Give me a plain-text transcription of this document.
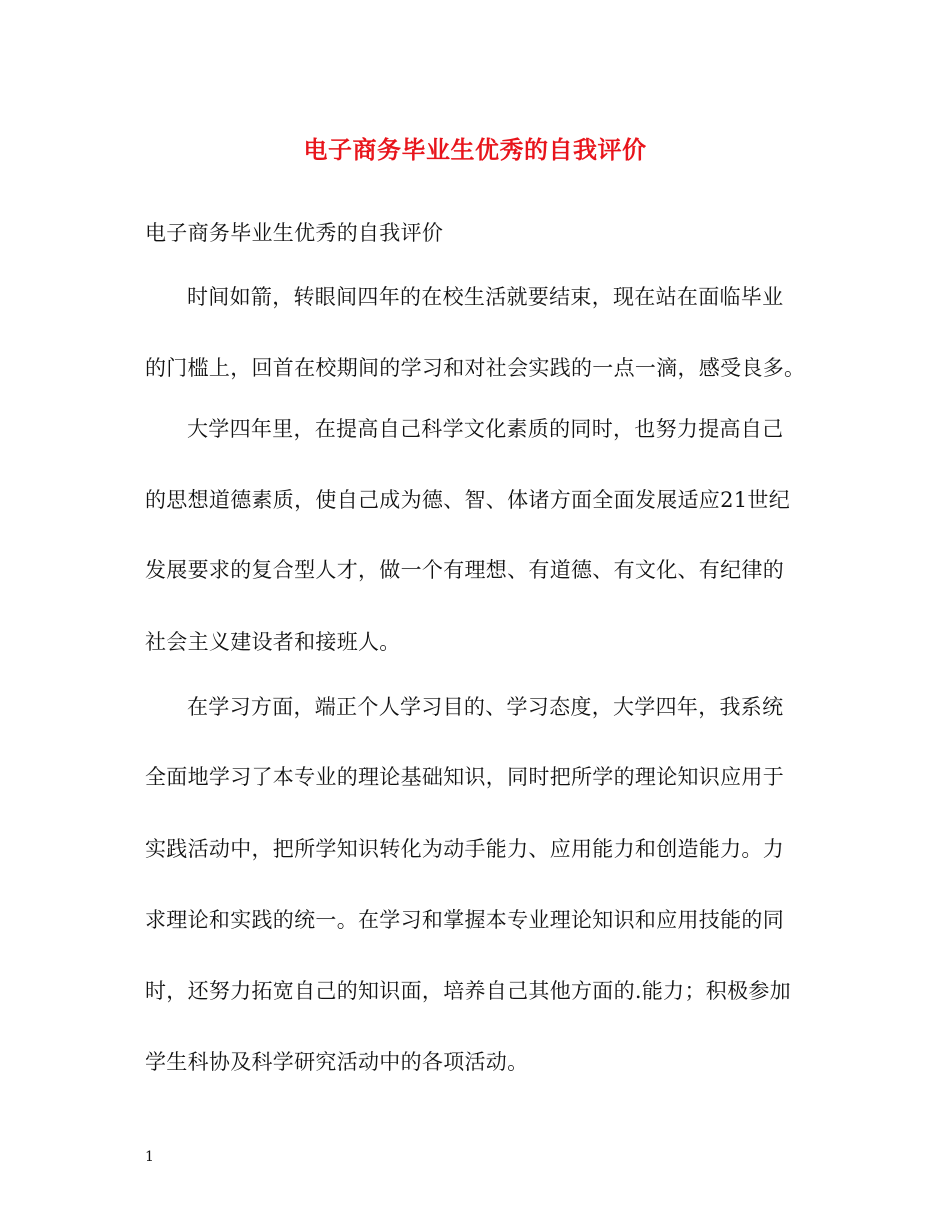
电子商务毕业生优秀的自我评价
电子商务毕业生优秀的自我评价
时间如箭，转眼间四年的在校生活就要结束，现在站在面临毕业
的门槛上，回首在校期间的学习和对社会实践的一点一滴，感受良多。
大学四年里，在提高自己科学文化素质的同时，也努力提高自己
的思想道德素质，使自己成为德、智、体诸方面全面发展适应21世纪
发展要求的复合型人才，做一个有理想、有道德、有文化、有纪律的
社会主义建设者和接班人。
在学习方面，端正个人学习目的、学习态度，大学四年，我系统
全面地学习了本专业的理论基础知识，同时把所学的理论知识应用于
实践活动中，把所学知识转化为动手能力、应用能力和创造能力。力
求理论和实践的统一。在学习和掌握本专业理论知识和应用技能的同
时，还努力拓宽自己的知识面，培养自己其他方面的.能力；积极参加
学生科协及科学研究活动中的各项活动。
1
